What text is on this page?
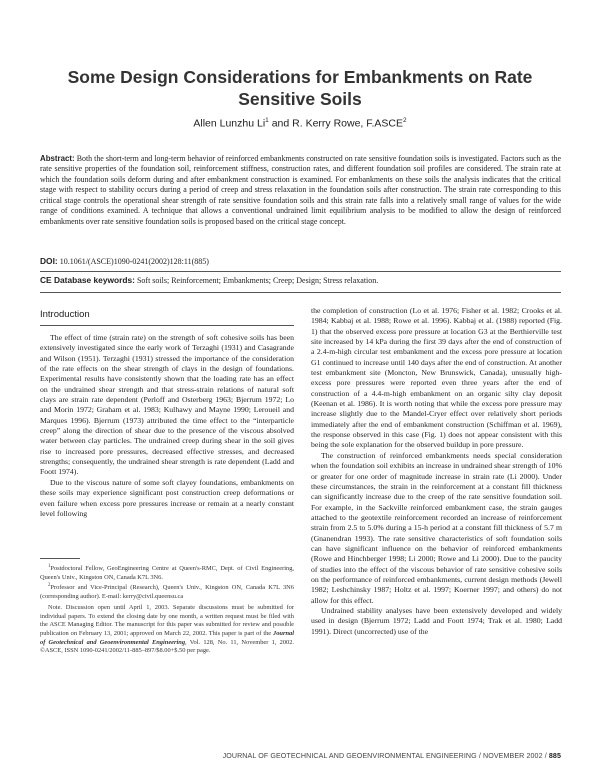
Some Design Considerations for Embankments on Rate
Sensitive Soils
Allen Lunzhu Li$^1$ and R. Kerry Rowe, F.ASCE$^2$
Abstract: Both the short-term and long-term behavior of reinforced embankments constructed on rate sensitive foundation soils is investigated. Factors such as the rate sensitive properties of the foundation soil, reinforcement stiffness, construction rates, and different foundation soil profiles are considered. The strain rate at which the foundation soils deform during and after embankment construction is examined. For embankments on these soils the analysis indicates that the critical stage with respect to stability occurs during a period of creep and stress relaxation in the foundation soils after construction. The strain rate corresponding to this critical stage controls the operational shear strength of rate sensitive foundation soils and this strain rate falls into a relatively small range of values for the wide range of conditions examined. A technique that allows a conventional undrained limit equilibrium analysis to be modified to allow the design of reinforced embankments over rate sensitive foundation soils is proposed based on the critical stage concept.
DOI: 10.1061/(ASCE)1090-0241(2002)128:11(885)
CE Database keywords: Soft soils; Reinforcement; Embankments; Creep; Design; Stress relaxation.
Introduction

The effect of time (strain rate) on the strength of soft cohesive soils has been extensively investigated since the early work of Terzaghi (1931) and Casagrande and Wilson (1951). Terzaghi (1931) stressed the importance of the consideration of the rate effects on the shear strength of clays in the design of foundations. Experimental results have consistently shown that the loading rate has an effect on the undrained shear strength and that stress-strain relations of natural soft clays are strain rate dependent (Perloff and Osterberg 1963; Bjerrum 1972; Lo and Morin 1972; Graham et al. 1983; Kulhawy and Mayne 1990; Leroueil and Marques 1996). Bjerrum (1973) attributed the time effect to the “interparticle creep” along the direction of shear due to the presence of the viscous absolved water between clay particles. The undrained creep during shear in the soil gives rise to increased pore pressures, decreased effective stresses, and decreased strengths; consequently, the undrained shear strength is rate dependent (Ladd and Foott 1974).

Due to the viscous nature of some soft clayey foundations, embankments on these soils may experience significant post construction creep deformations or even failure when excess pore pressures increase or remain at a nearly constant level following

$^1$Postdoctoral Fellow, GeoEngineering Centre at Queen's-RMC, Dept. of Civil Engineering, Queen's Univ., Kingston ON, Canada K7L 3N6.

$^2$Professor and Vice-Principal (Research), Queen's Univ., Kingston ON, Canada K7L 3N6 (corresponding author). E-mail: kerry@civil.queensu.ca

Note. Discussion open until April 1, 2003. Separate discussions must be submitted for individual papers. To extend the closing date by one month, a written request must be filed with the ASCE Managing Editor. The manuscript for this paper was submitted for review and possible publication on February 13, 2001; approved on March 22, 2002. This paper is part of the Journal of Geotechnical and Geoenvironmental Engineering, Vol. 128, No. 11, November 1, 2002. ©ASCE, ISSN 1090-0241/2002/11-885–897/$8.00+$.50 per page.

the completion of construction (Lo et al. 1976; Fisher et al. 1982; Crooks et al. 1984; Kabbaj et al. 1988; Rowe et al. 1996). Kabbaj et al. (1988) reported (Fig. 1) that the observed excess pore pressure at location G3 at the Berthierville test site increased by 14 kPa during the first 39 days after the end of construction of a 2.4-m-high circular test embankment and the excess pore pressure at location G1 continued to increase until 140 days after the end of construction. At another test embankment site (Moncton, New Brunswick, Canada), unusually high-excess pore pressures were reported even three years after the end of construction of a 4.4-m-high embankment on an organic silty clay deposit (Keenan et al. 1986). It is worth noting that while the excess pore pressure may increase slightly due to the Mandel-Cryer effect over relatively short periods immediately after the end of embankment construction (Schiffman et al. 1969), the response observed in this case (Fig. 1) does not appear consistent with this being the sole explanation for the observed buildup in pore pressure.

The construction of reinforced embankments needs special consideration when the foundation soil exhibits an increase in undrained shear strength of 10% or greater for one order of magnitude increase in strain rate (Li 2000). Under these circumstances, the strain in the reinforcement at a constant fill thickness can significantly increase due to the creep of the rate sensitive foundation soil. For example, in the Sackville reinforced embankment case, the strain gauges attached to the geotextile reinforcement recorded an increase of reinforcement strain from 2.5 to 5.0% during a 15-h period at a constant fill thickness of 5.7 m (Gnanendran 1993). The rate sensitive characteristics of soft foundation soils can have significant influence on the behavior of reinforced embankments (Rowe and Hinchberger 1998; Li 2000; Rowe and Li 2000). Due to the paucity of studies into the effect of the viscous behavior of rate sensitive cohesive soils on the performance of reinforced embankments, current design methods (Jewell 1982; Leshchinsky 1987; Holtz et al. 1997; Koerner 1997; and others) do not allow for this effect.

Undrained stability analyses have been extensively developed and widely used in design (Bjerrum 1972; Ladd and Foott 1974; Trak et al. 1980; Ladd 1991). Direct (uncorrected) use of the

JOURNAL OF GEOTECHNICAL AND GEOENVIRONMENTAL ENGINEERING / NOVEMBER 2002 / 885
